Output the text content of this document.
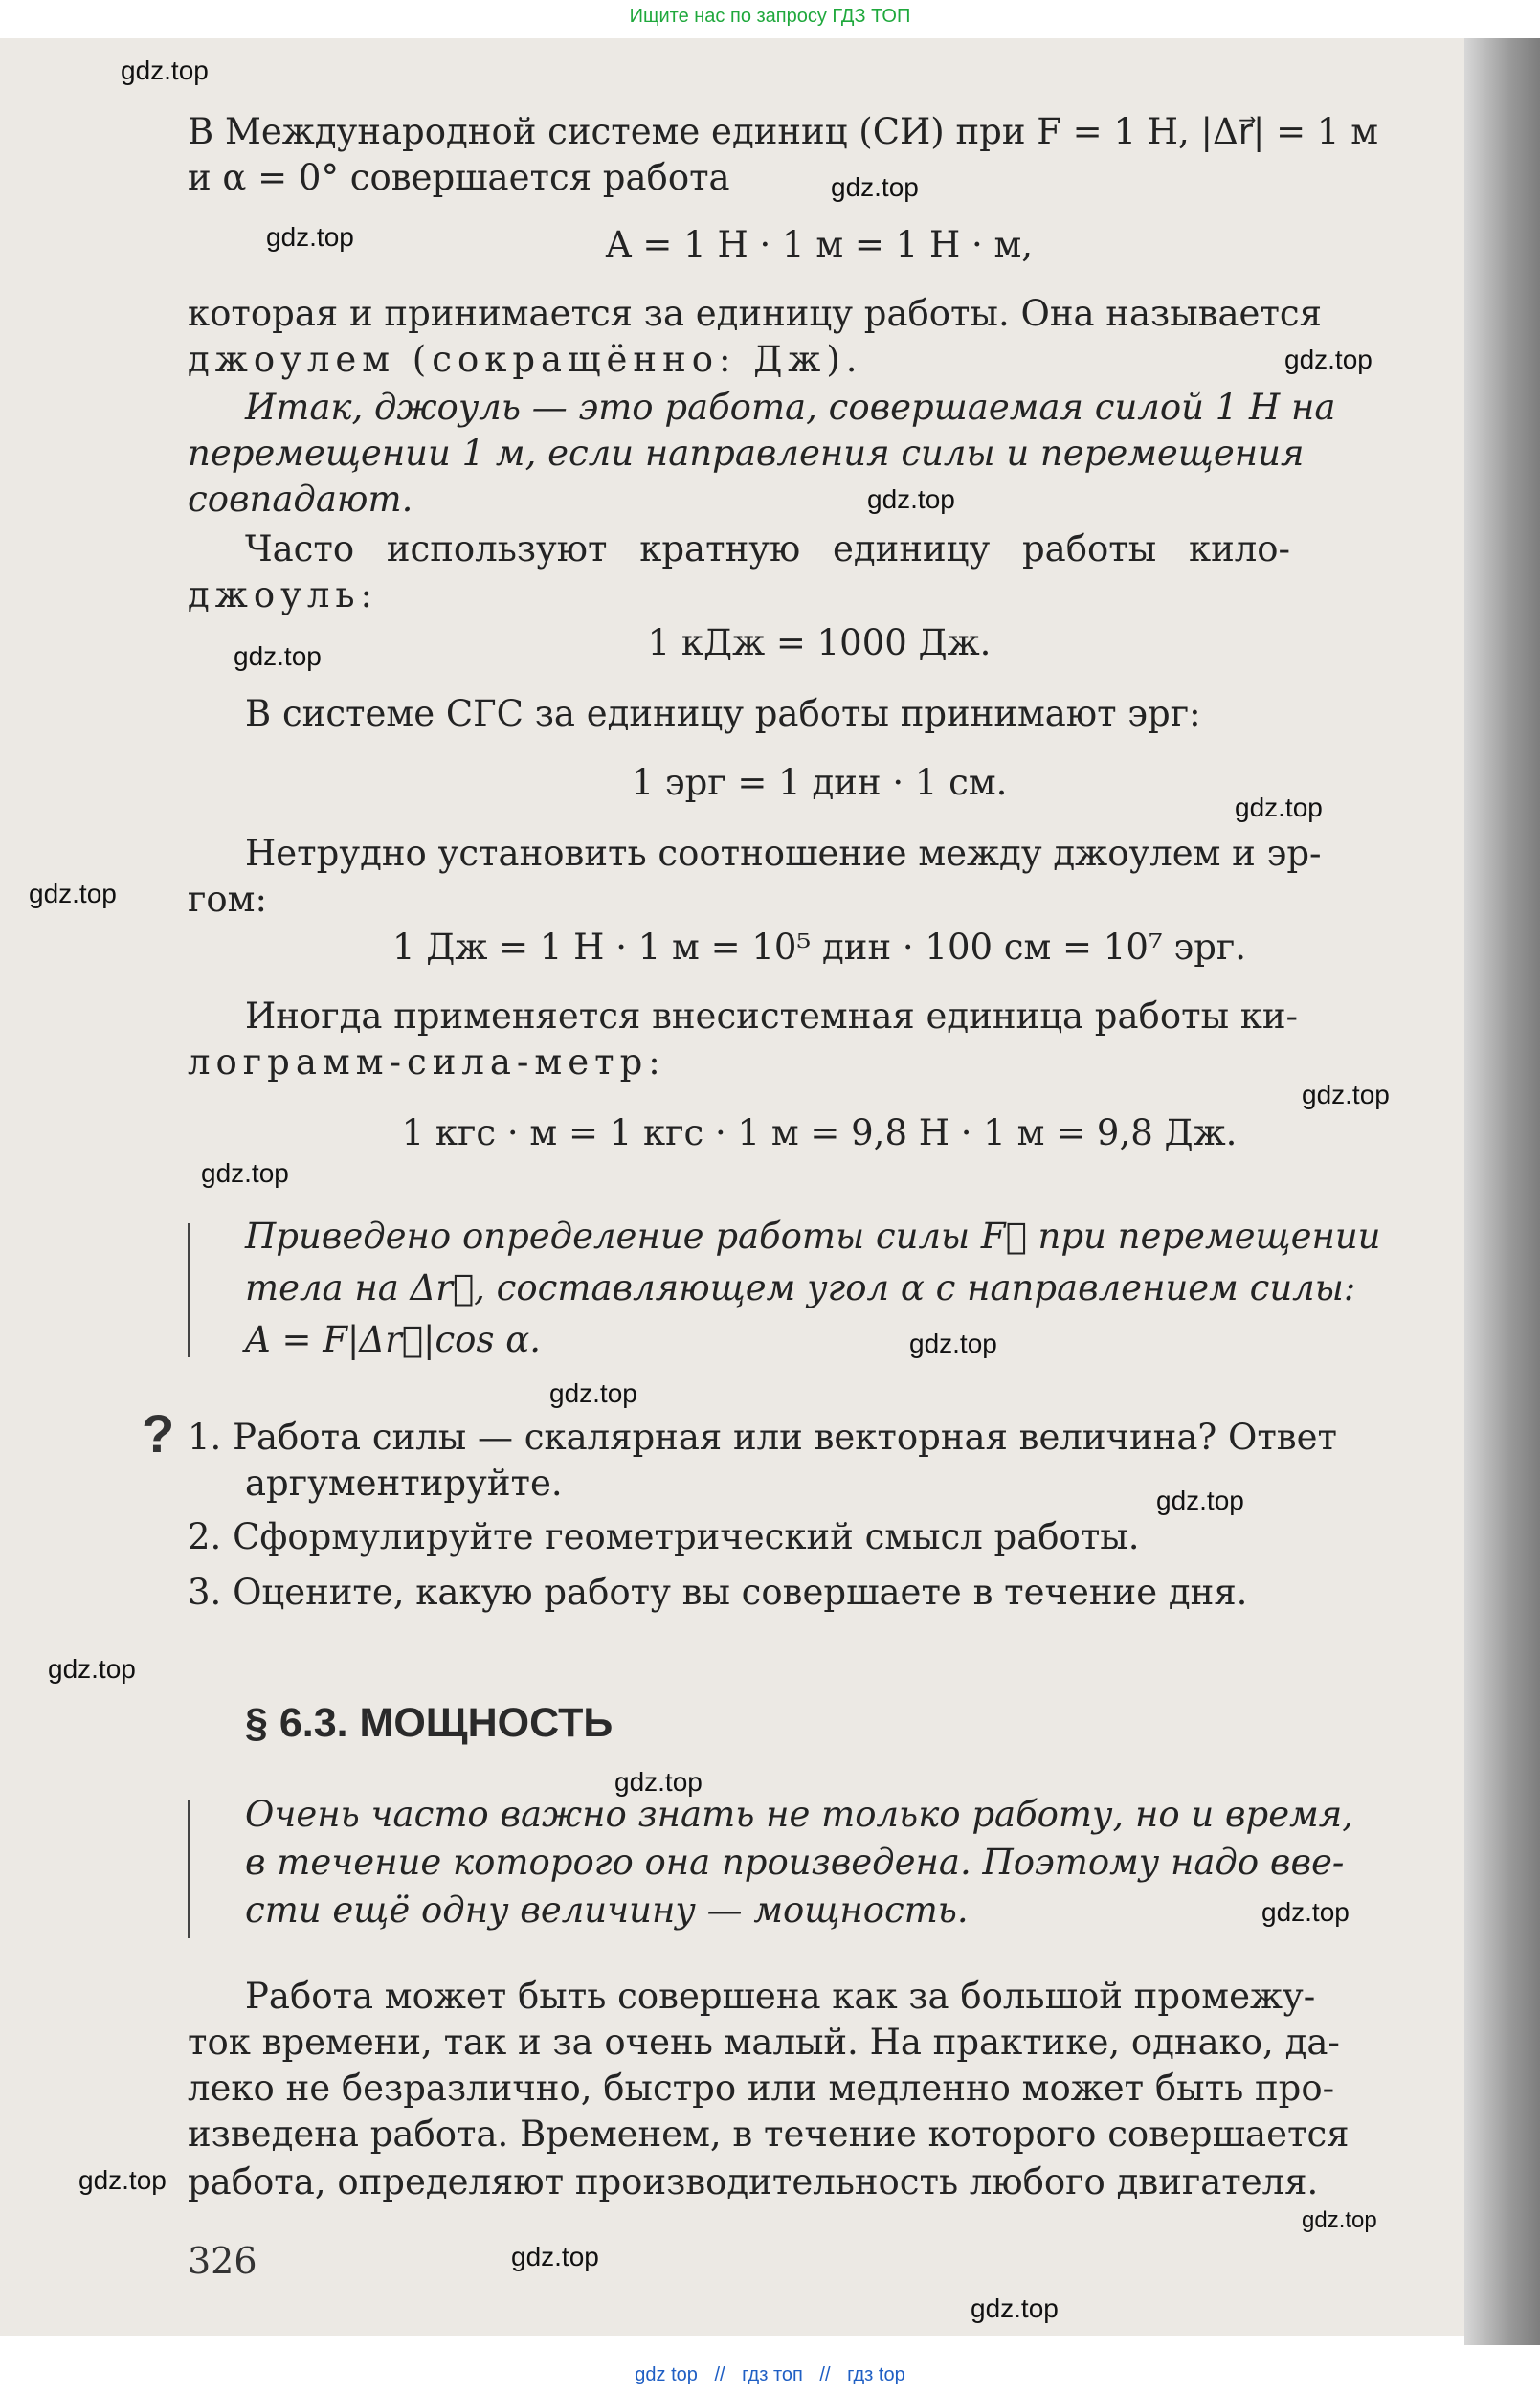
Ищите нас по запросу ГДЗ ТОП
В Международной системе единиц (СИ) при F = 1 Н, |Δr⃗| = 1 м
и α = 0° совершается работа
A = 1 Н · 1 м = 1 Н · м,
которая и принимается за единицу работы. Она называется
джоулем (сокращённо: Дж).
Итак, джоуль — это работа, совершаемая силой 1 Н на
перемещении 1 м, если направления силы и перемещения
совпадают.
Часто используют кратную единицу работы кило-
джоуль:
1 кДж = 1000 Дж.
В системе СГС за единицу работы принимают эрг:
1 эрг = 1 дин · 1 см.
Нетрудно установить соотношение между джоулем и эр-
гом:
1 Дж = 1 Н · 1 м = 10⁵ дин · 100 см = 10⁷ эрг.
Иногда применяется внесистемная единица работы ки-
лограмм-сила-метр:
1 кгс · м = 1 кгс · 1 м = 9,8 Н · 1 м = 9,8 Дж.
Приведено определение работы силы F⃗ при перемещении
тела на Δr⃗, составляющем угол α с направлением силы:
A = F|Δr⃗|cos α.
? 1. Работа силы — скалярная или векторная величина? Ответ
аргументируйте.
2. Сформулируйте геометрический смысл работы.
3. Оцените, какую работу вы совершаете в течение дня.
§ 6.3. МОЩНОСТЬ
Очень часто важно знать не только работу, но и время,
в течение которого она произведена. Поэтому надо вве-
сти ещё одну величину — мощность.
Работа может быть совершена как за большой промежу-
ток времени, так и за очень малый. На практике, однако, да-
леко не безразлично, быстро или медленно может быть про-
изведена работа. Временем, в течение которого совершается
работа, определяют производительность любого двигателя.
326
gdz.top
gdz.top
gdz.top
gdz.top
gdz.top
gdz.top
gdz.top
gdz.top
gdz.top
gdz.top
gdz.top
gdz.top
gdz.top
gdz.top
gdz.top
gdz.top
gdz.top
gdz.top
gdz.top
gdz.top
gdz top // гдз топ // гдз top
